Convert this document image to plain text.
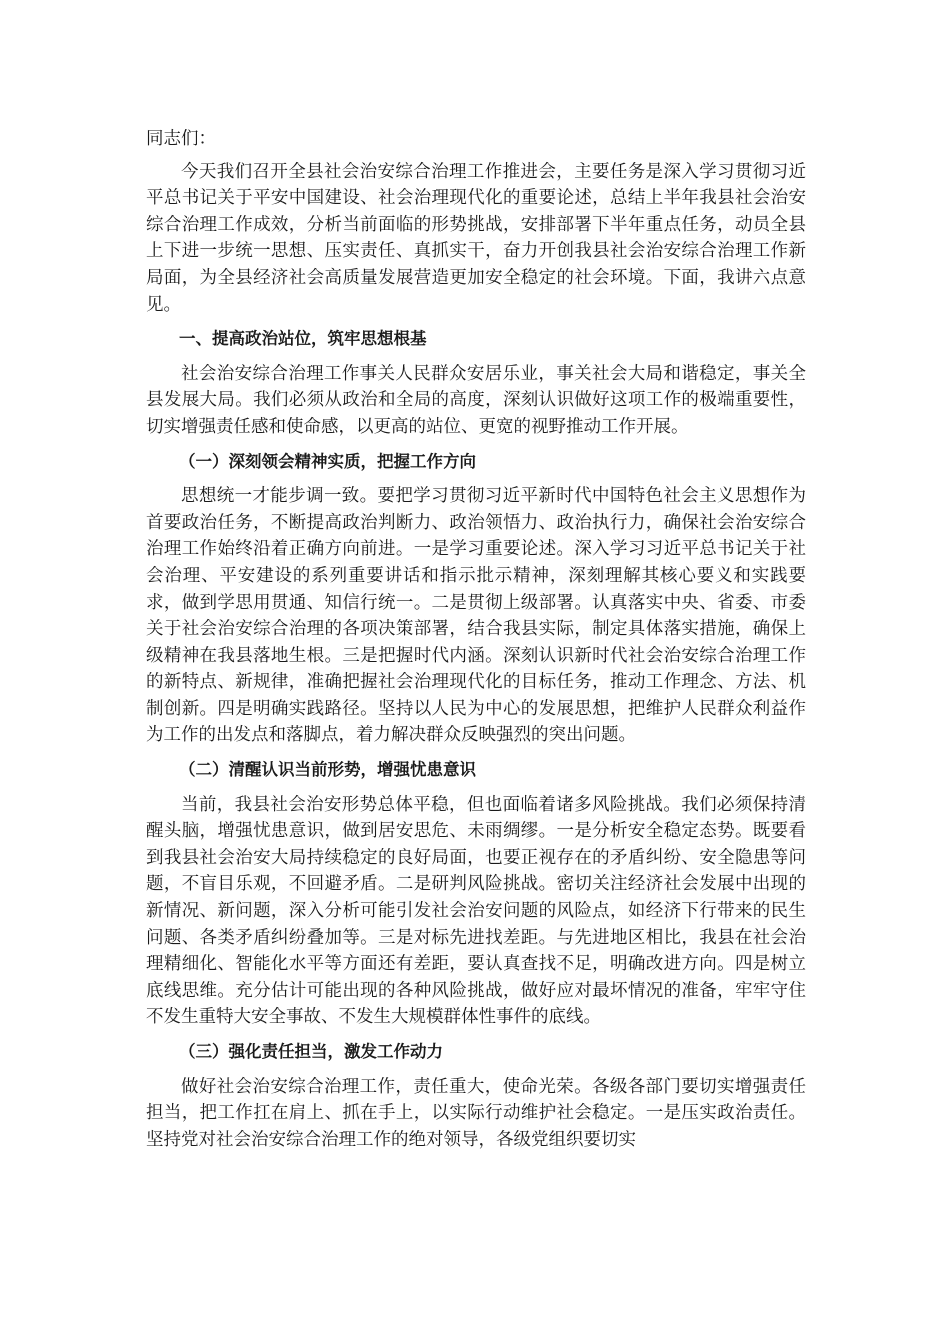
同志们：

今天我们召开全县社会治安综合治理工作推进会，主要任务是深入学习贯彻习近平总书记关于平安中国建设、社会治理现代化的重要论述，总结上半年我县社会治安综合治理工作成效，分析当前面临的形势挑战，安排部署下半年重点任务，动员全县上下进一步统一思想、压实责任、真抓实干，奋力开创我县社会治安综合治理工作新局面，为全县经济社会高质量发展营造更加安全稳定的社会环境。下面，我讲六点意见。

一、提高政治站位，筑牢思想根基

社会治安综合治理工作事关人民群众安居乐业，事关社会大局和谐稳定，事关全县发展大局。我们必须从政治和全局的高度，深刻认识做好这项工作的极端重要性，切实增强责任感和使命感，以更高的站位、更宽的视野推动工作开展。

（一）深刻领会精神实质，把握工作方向

思想统一才能步调一致。要把学习贯彻习近平新时代中国特色社会主义思想作为首要政治任务，不断提高政治判断力、政治领悟力、政治执行力，确保社会治安综合治理工作始终沿着正确方向前进。一是学习重要论述。深入学习习近平总书记关于社会治理、平安建设的系列重要讲话和指示批示精神，深刻理解其核心要义和实践要求，做到学思用贯通、知信行统一。二是贯彻上级部署。认真落实中央、省委、市委关于社会治安综合治理的各项决策部署，结合我县实际，制定具体落实措施，确保上级精神在我县落地生根。三是把握时代内涵。深刻认识新时代社会治安综合治理工作的新特点、新规律，准确把握社会治理现代化的目标任务，推动工作理念、方法、机制创新。四是明确实践路径。坚持以人民为中心的发展思想，把维护人民群众利益作为工作的出发点和落脚点，着力解决群众反映强烈的突出问题。

（二）清醒认识当前形势，增强忧患意识

当前，我县社会治安形势总体平稳，但也面临着诸多风险挑战。我们必须保持清醒头脑，增强忧患意识，做到居安思危、未雨绸缪。一是分析安全稳定态势。既要看到我县社会治安大局持续稳定的良好局面，也要正视存在的矛盾纠纷、安全隐患等问题，不盲目乐观，不回避矛盾。二是研判风险挑战。密切关注经济社会发展中出现的新情况、新问题，深入分析可能引发社会治安问题的风险点，如经济下行带来的民生问题、各类矛盾纠纷叠加等。三是对标先进找差距。与先进地区相比，我县在社会治理精细化、智能化水平等方面还有差距，要认真查找不足，明确改进方向。四是树立底线思维。充分估计可能出现的各种风险挑战，做好应对最坏情况的准备，牢牢守住不发生重特大安全事故、不发生大规模群体性事件的底线。

（三）强化责任担当，激发工作动力

做好社会治安综合治理工作，责任重大，使命光荣。各级各部门要切实增强责任担当，把工作扛在肩上、抓在手上，以实际行动维护社会稳定。一是压实政治责任。坚持党对社会治安综合治理工作的绝对领导，各级党组织要切实
